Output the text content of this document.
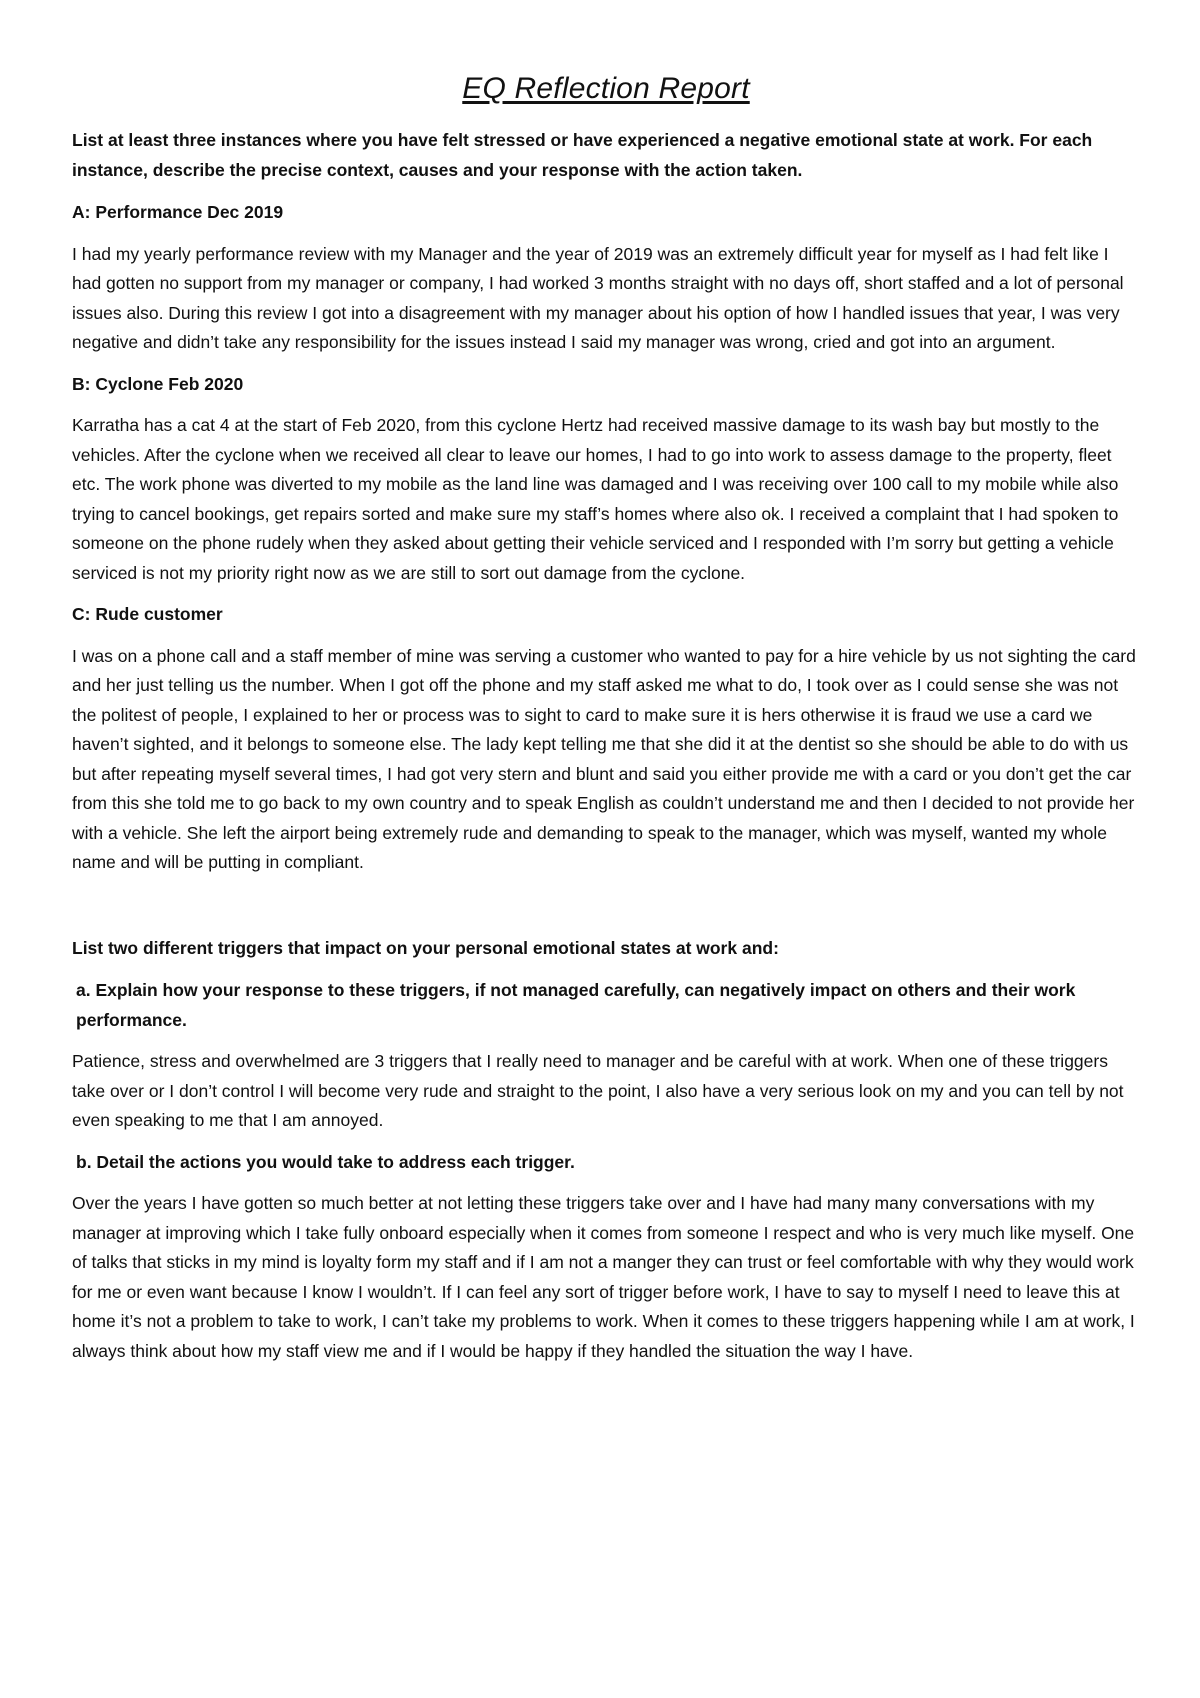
EQ Reflection Report

List at least three instances where you have felt stressed or have experienced a negative emotional state at work. For each instance, describe the precise context, causes and your response with the action taken.

A: Performance Dec 2019

I had my yearly performance review with my Manager and the year of 2019 was an extremely difficult year for myself as I had felt like I had gotten no support from my manager or company, I had worked 3 months straight with no days off, short staffed and a lot of personal issues also. During this review I got into a disagreement with my manager about his option of how I handled issues that year, I was very negative and didn’t take any responsibility for the issues instead I said my manager was wrong, cried and got into an argument.

B: Cyclone Feb 2020

Karratha has a cat 4 at the start of Feb 2020, from this cyclone Hertz had received massive damage to its wash bay but mostly to the vehicles. After the cyclone when we received all clear to leave our homes, I had to go into work to assess damage to the property, fleet etc. The work phone was diverted to my mobile as the land line was damaged and I was receiving over 100 call to my mobile while also trying to cancel bookings, get repairs sorted and make sure my staff’s homes where also ok. I received a complaint that I had spoken to someone on the phone rudely when they asked about getting their vehicle serviced and I responded with I’m sorry but getting a vehicle serviced is not my priority right now as we are still to sort out damage from the cyclone.

C: Rude customer

I was on a phone call and a staff member of mine was serving a customer who wanted to pay for a hire vehicle by us not sighting the card and her just telling us the number. When I got off the phone and my staff asked me what to do, I took over as I could sense she was not the politest of people, I explained to her or process was to sight to card to make sure it is hers otherwise it is fraud we use a card we haven’t sighted, and it belongs to someone else. The lady kept telling me that she did it at the dentist so she should be able to do with us but after repeating myself several times, I had got very stern and blunt and said you either provide me with a card or you don’t get the car from this she told me to go back to my own country and to speak English as couldn’t understand me and then I decided to not provide her with a vehicle. She left the airport being extremely rude and demanding to speak to the manager, which was myself, wanted my whole name and will be putting in compliant.

List two different triggers that impact on your personal emotional states at work and:

a. Explain how your response to these triggers, if not managed carefully, can negatively impact on others and their work performance.

Patience, stress and overwhelmed are 3 triggers that I really need to manager and be careful with at work. When one of these triggers take over or I don’t control I will become very rude and straight to the point, I also have a very serious look on my and you can tell by not even speaking to me that I am annoyed.

b. Detail the actions you would take to address each trigger.

Over the years I have gotten so much better at not letting these triggers take over and I have had many many conversations with my manager at improving which I take fully onboard especially when it comes from someone I respect and who is very much like myself. One of talks that sticks in my mind is loyalty form my staff and if I am not a manger they can trust or feel comfortable with why they would work for me or even want because I know I wouldn’t. If I can feel any sort of trigger before work, I have to say to myself I need to leave this at home it’s not a problem to take to work, I can’t take my problems to work. When it comes to these triggers happening while I am at work, I always think about how my staff view me and if I would be happy if they handled the situation the way I have.
